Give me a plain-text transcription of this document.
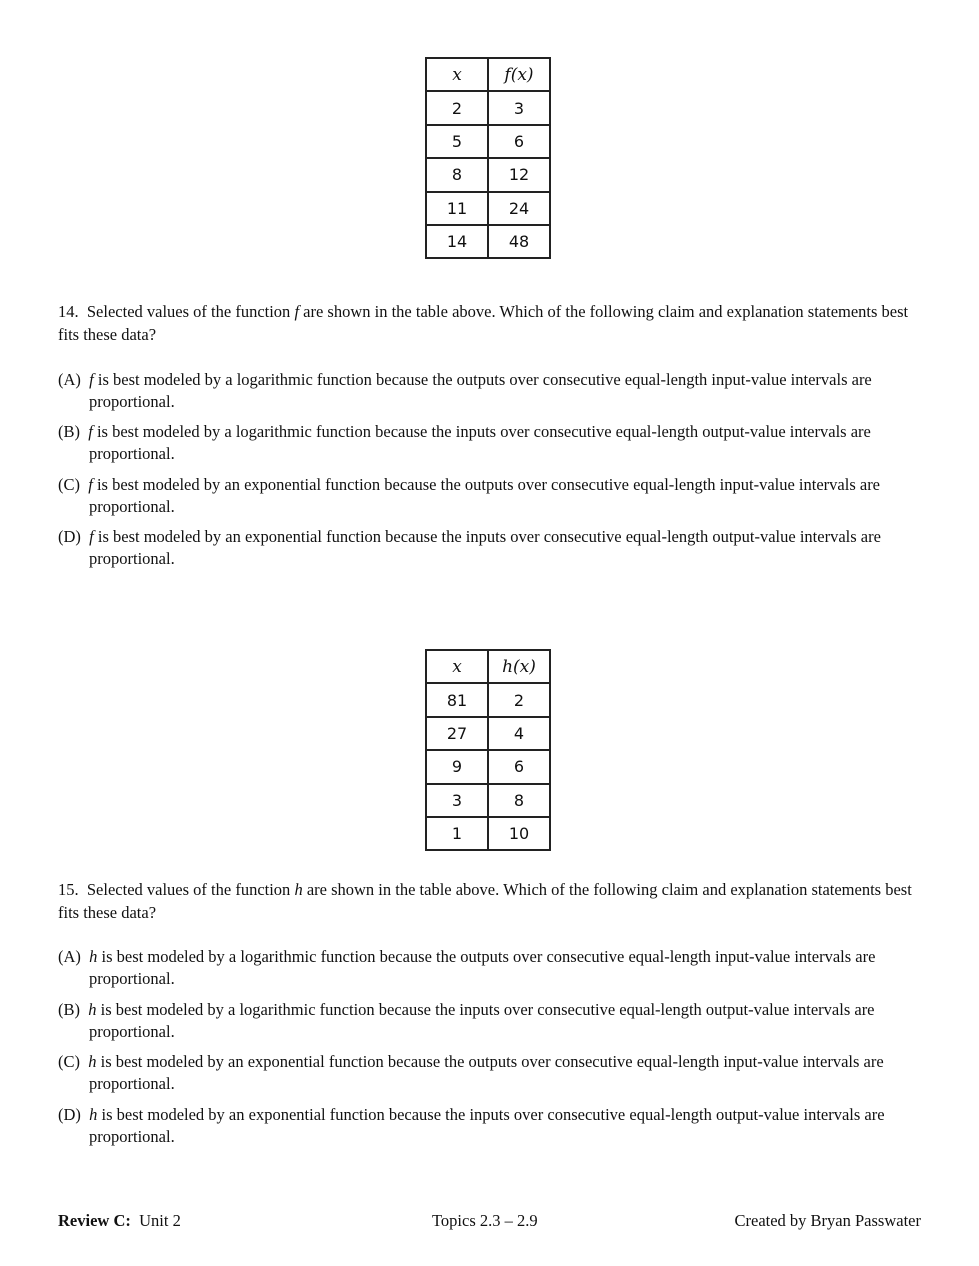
x	f(x)
2	3
5	6
8	12
11	24
14	48
14. Selected values of the function f are shown in the table above. Which of the following claim and explanation statements best fits these data?
(A) f is best modeled by a logarithmic function because the outputs over consecutive equal-length input-value intervals are proportional.
(B) f is best modeled by a logarithmic function because the inputs over consecutive equal-length output-value intervals are proportional.
(C) f is best modeled by an exponential function because the outputs over consecutive equal-length input-value intervals are proportional.
(D) f is best modeled by an exponential function because the inputs over consecutive equal-length output-value intervals are proportional.
x	h(x)
81	2
27	4
9	6
3	8
1	10
15. Selected values of the function h are shown in the table above. Which of the following claim and explanation statements best fits these data?
(A) h is best modeled by a logarithmic function because the outputs over consecutive equal-length input-value intervals are proportional.
(B) h is best modeled by a logarithmic function because the inputs over consecutive equal-length output-value intervals are proportional.
(C) h is best modeled by an exponential function because the outputs over consecutive equal-length input-value intervals are proportional.
(D) h is best modeled by an exponential function because the inputs over consecutive equal-length output-value intervals are proportional.
Review C: Unit 2	Topics 2.3 – 2.9	Created by Bryan Passwater
